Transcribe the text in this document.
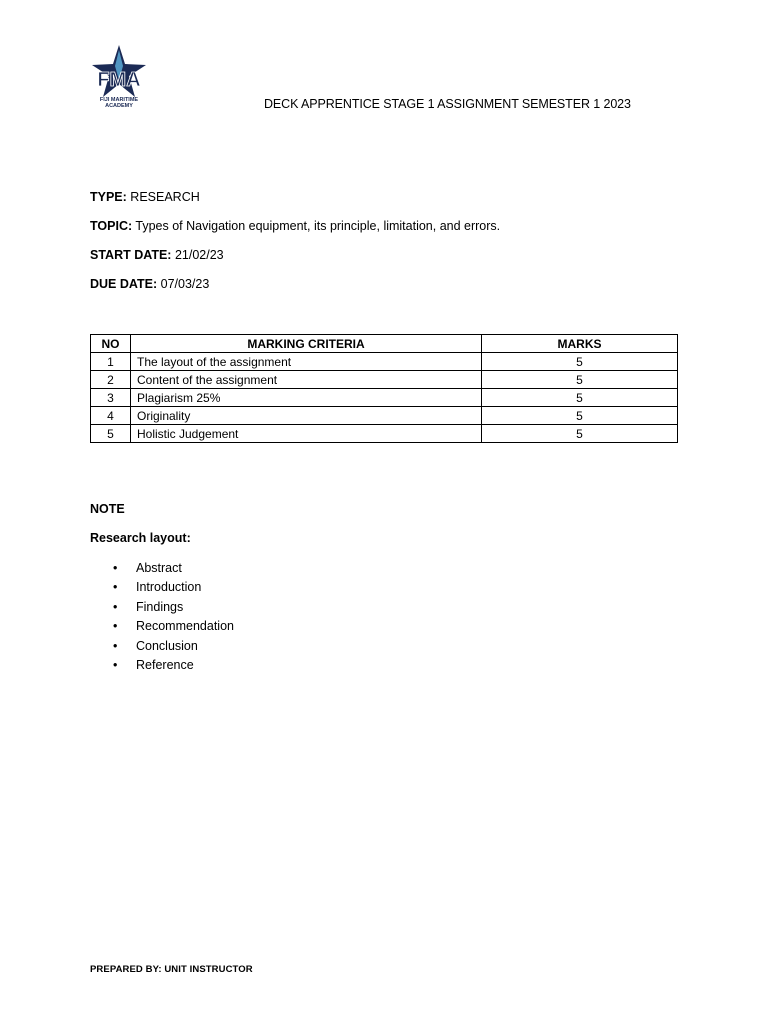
FMA
FIJI MARITIME
ACADEMY	DECK APPRENTICE STAGE 1 ASSIGNMENT SEMESTER 1 2023
TYPE: RESEARCH
TOPIC: Types of Navigation equipment, its principle, limitation, and errors.
START DATE: 21/02/23
DUE DATE: 07/03/23
NO	MARKING CRITERIA	MARKS
1	The layout of the assignment	5
2	Content of the assignment	5
3	Plagiarism 25%	5
4	Originality	5
5	Holistic Judgement	5
NOTE
Research layout:
• Abstract
• Introduction
• Findings
• Recommendation
• Conclusion
• Reference
PREPARED BY: UNIT INSTRUCTOR
